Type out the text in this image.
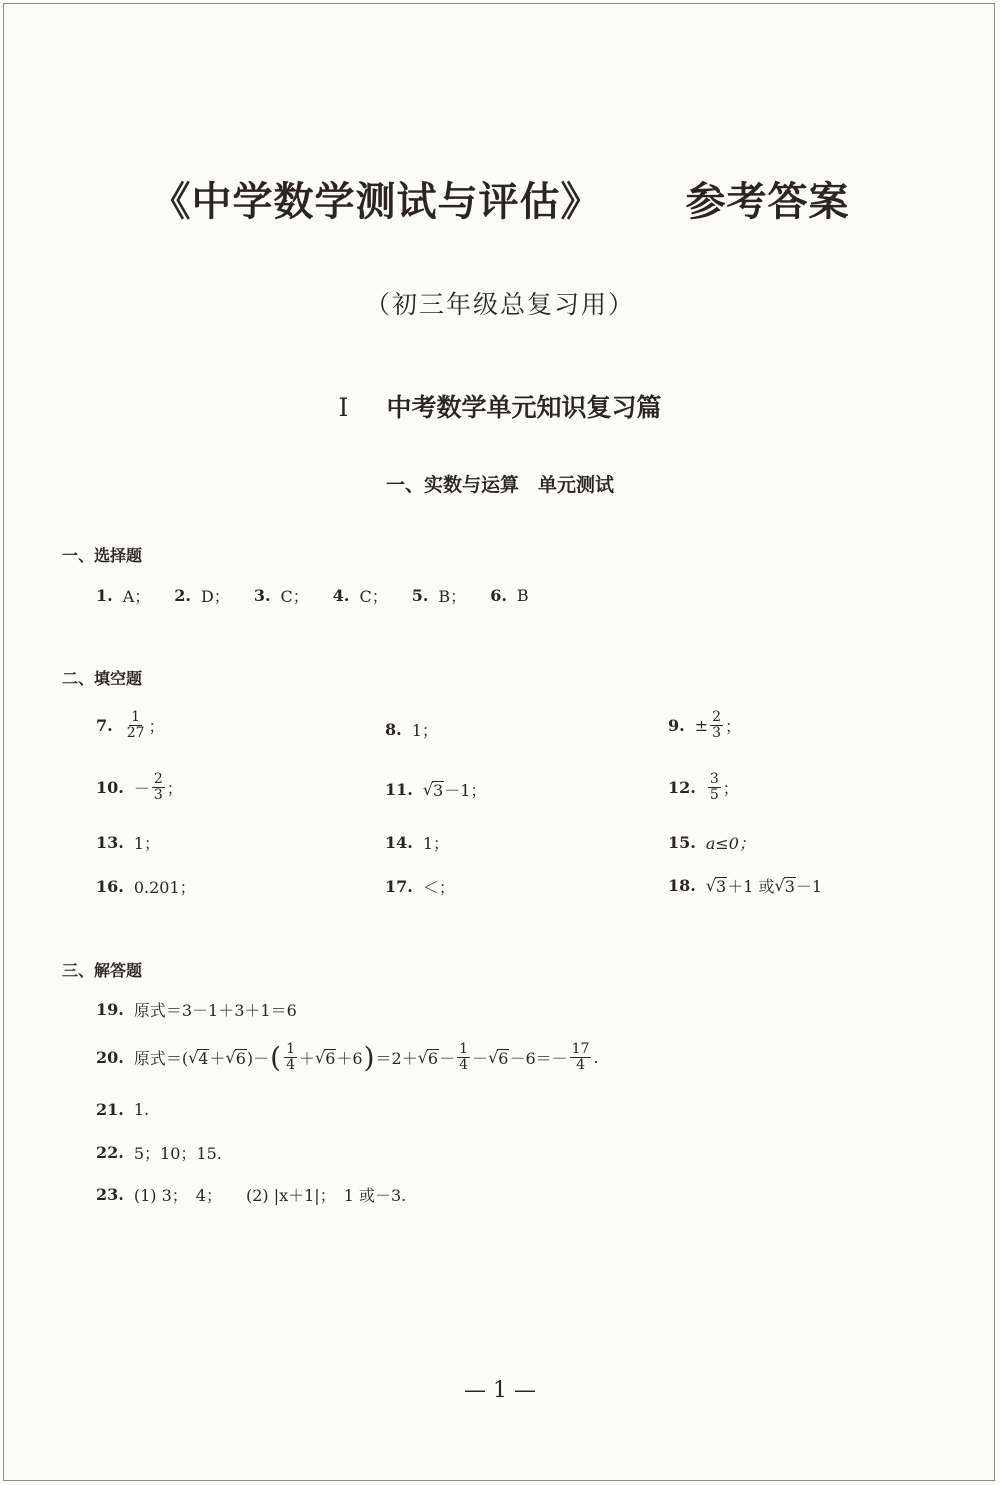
《中学数学测试与评估》 参考答案
（初三年级总复习用）
I 中考数学单元知识复习篇
一、实数与运算　单元测试
一、选择题
1. A； 2. D； 3. C； 4. C； 5. B； 6. B
二、填空题
7. $\frac{1}{27}$ ；	8. 1；	9. ± $\frac{2}{3}$ ；
10. － $\frac{2}{3}$ ；	11. √ 3 －1；	12. $\frac{3}{5}$ ；
13. 1；	14. 1；	15. a≤0；
16. 0.201；	17. ＜；	18. √ 3 ＋1 或 √ 3 －1
三、解答题
19. 原式＝3－1＋3＋1＝6
20. 原式＝( √ 4 ＋ √ 6 )－ ( $\frac{1}{4}$ ＋ √ 6 ＋6 ) ＝2＋ √ $6 - \frac{1}{4}$ － √ $6 -6=- \frac{17}{4}$ .
21. 1.
22. 5；10；15.
23. (1) 3；　4；　　(2) |x＋1|；　1 或－3.
— 1 —
